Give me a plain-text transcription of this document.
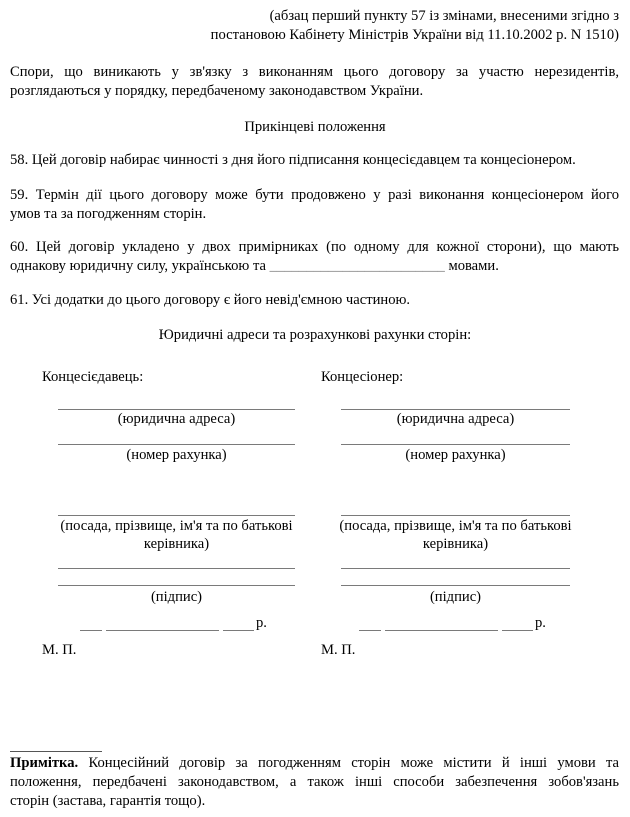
(абзац перший пункту 57 із змінами, внесеними згідно з
постановою Кабінету Міністрів України від 11.10.2002 р. N 1510)
Спори, що виникають у зв'язку з виконанням цього договору за участю нерезидентів,
розглядаються у порядку, передбаченому законодавством України.
Прикінцеві положення
58. Цей договір набирає чинності з дня його підписання концесієдавцем та концесіонером.
59. Термін дії цього договору може бути продовжено у разі виконання концесіонером його
умов та за погодженням сторін.
60. Цей договір укладено у двох примірниках (по одному для кожної сторони), що мають
однакову юридичну силу, українською та ________________________ мовами.
61. Усі додатки до цього договору є його невід'ємною частиною.
Юридичні адреси та розрахункові рахунки сторін:
Концесієдавець:
(юридична адреса)
(номер рахунка)
(посада, прізвище, ім'я та по батькові
керівника)
(підпис)
р.
М. П.
Концесіонер:
(юридична адреса)
(номер рахунка)
(посада, прізвище, ім'я та по батькові
керівника)
(підпис)
р.
М. П.
Примітка. Концесійний договір за погодженням сторін може містити й інші умови та
положення, передбачені законодавством, а також інші способи забезпечення зобов'язань
сторін (застава, гарантія тощо).
